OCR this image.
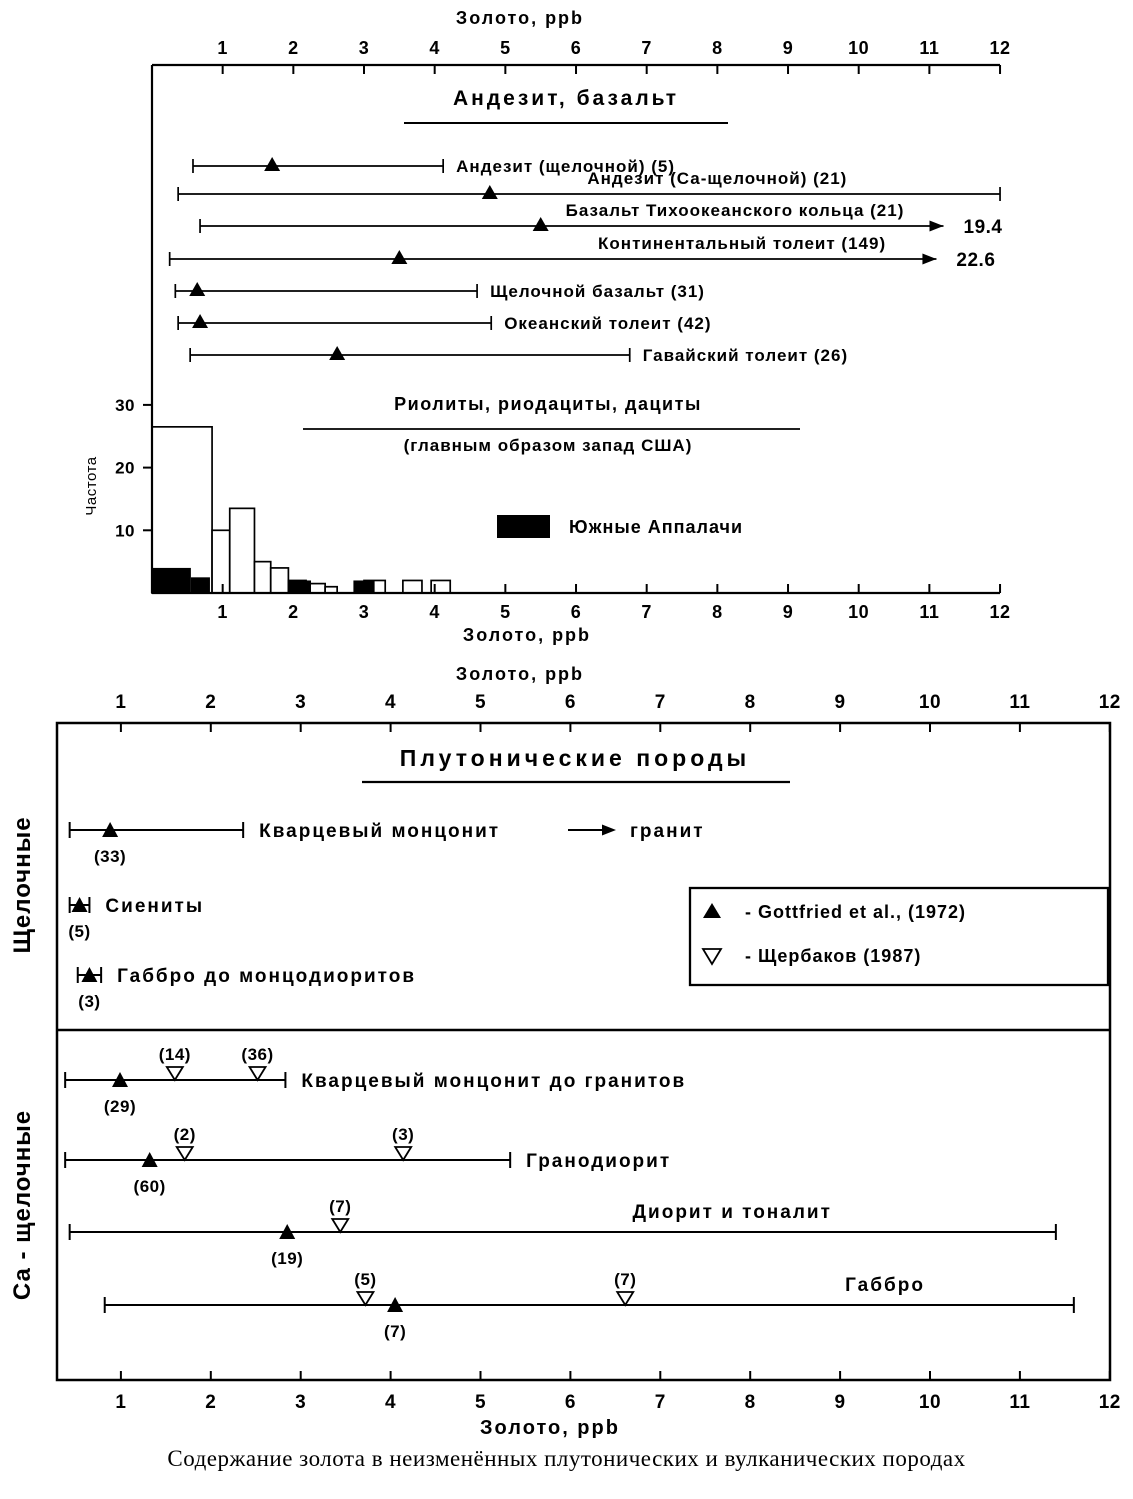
Золото, ppb
Золото, ppb
1
1
2
2
3
3
4
4
5
5
6
6
7
7
8
8
9
9
10
10
11
11
12
12
10
20
30
Частота
Андезит, базальт
Андезит (щелочной) (5)
Андезит (Са-щелочной) (21)
19.4
Базальт Тихоокеанского кольца (21)
22.6
Континентальный толеит (149)
Щелочной базальт (31)
Океанский толеит (42)
Гавайский толеит (26)
Риолиты, риодациты, дациты
(главным образом запад США)
Южные Аппалачи
Золото, ppb
1
1
2
2
3
3
4
4
5
5
6
6
7
7
8
8
9
9
10
10
11
11
12
12
Плутонические породы
Золото, ppb
Щелочные
Са - щелочные
- Gottfried et al., (1972)
- Щербаков (1987)
(33)
Кварцевый монцонит	гранит
(5)
Сиениты
(3)
Габбро до монцодиоритов
(14)	(36)
(29)
Кварцевый монцонит до гранитов
(2)	(3)
(60)
Гранодиорит
(7)
(19)
Диорит и тоналит
(5)	(7)
(7)
Габбро
Содержание золота в неизменённых плутонических и вулканических породах
